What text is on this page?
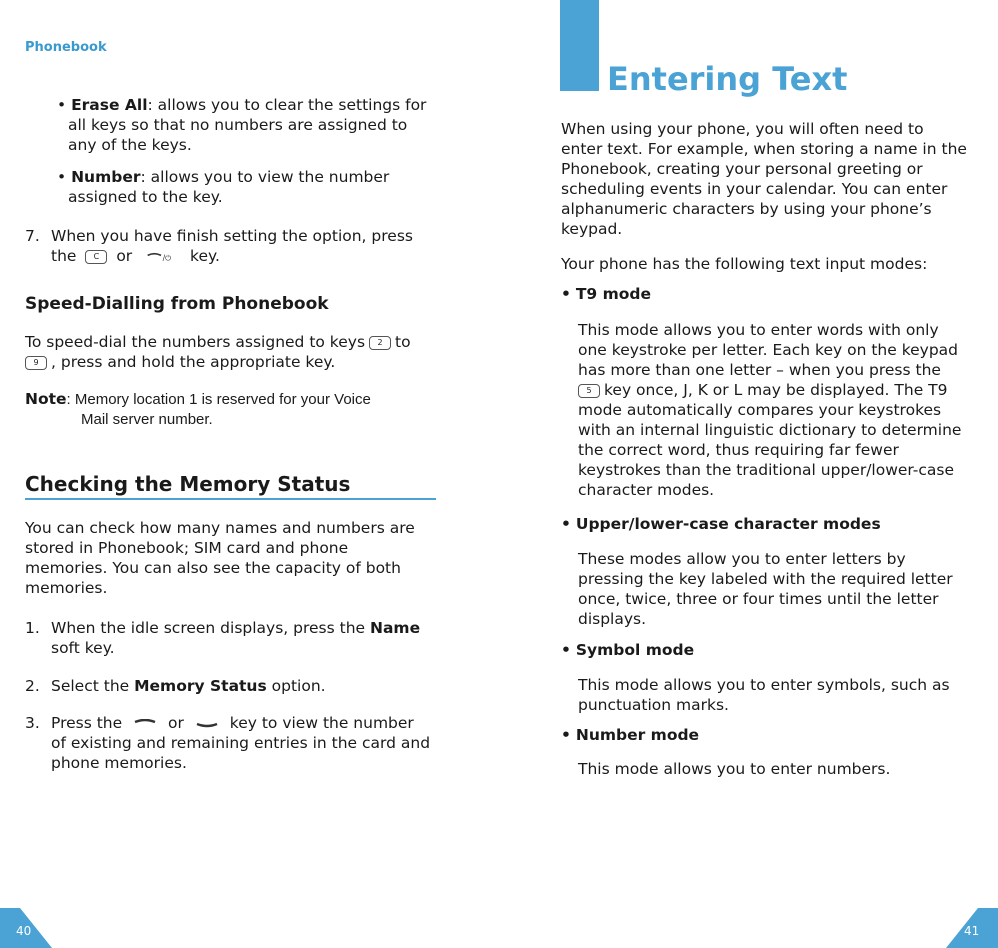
Phonebook
• Erase All: allows you to clear the settings for
all keys so that no numbers are assigned to
any of the keys.
• Number: allows you to view the number
assigned to the key.
7. When you have finish setting the option, press
the C or	/⏻ key.
Speed-Dialling from Phonebook
To speed-dial the numbers assigned to keys 2 to
9 , press and hold the appropriate key.
Note: Memory location 1 is reserved for your Voice
Mail server number.
Checking the Memory Status
You can check how many names and numbers are
stored in Phonebook; SIM card and phone
memories. You can also see the capacity of both
memories.
1. When the idle screen displays, press the Name
soft key.
2. Select the Memory Status option.
3. Press the	or	key to view the number
of existing and remaining entries in the card and
phone memories.
40
Entering Text
When using your phone, you will often need to
enter text. For example, when storing a name in the
Phonebook, creating your personal greeting or
scheduling events in your calendar. You can enter
alphanumeric characters by using your phone’s
keypad.
Your phone has the following text input modes:
• T9 mode
This mode allows you to enter words with only
one keystroke per letter. Each key on the keypad
has more than one letter – when you press the
5 key once, J, K or L may be displayed. The T9
mode automatically compares your keystrokes
with an internal linguistic dictionary to determine
the correct word, thus requiring far fewer
keystrokes than the traditional upper/lower-case
character modes.
• Upper/lower-case character modes
These modes allow you to enter letters by
pressing the key labeled with the required letter
once, twice, three or four times until the letter
displays.
• Symbol mode
This mode allows you to enter symbols, such as
punctuation marks.
• Number mode
This mode allows you to enter numbers.
41
